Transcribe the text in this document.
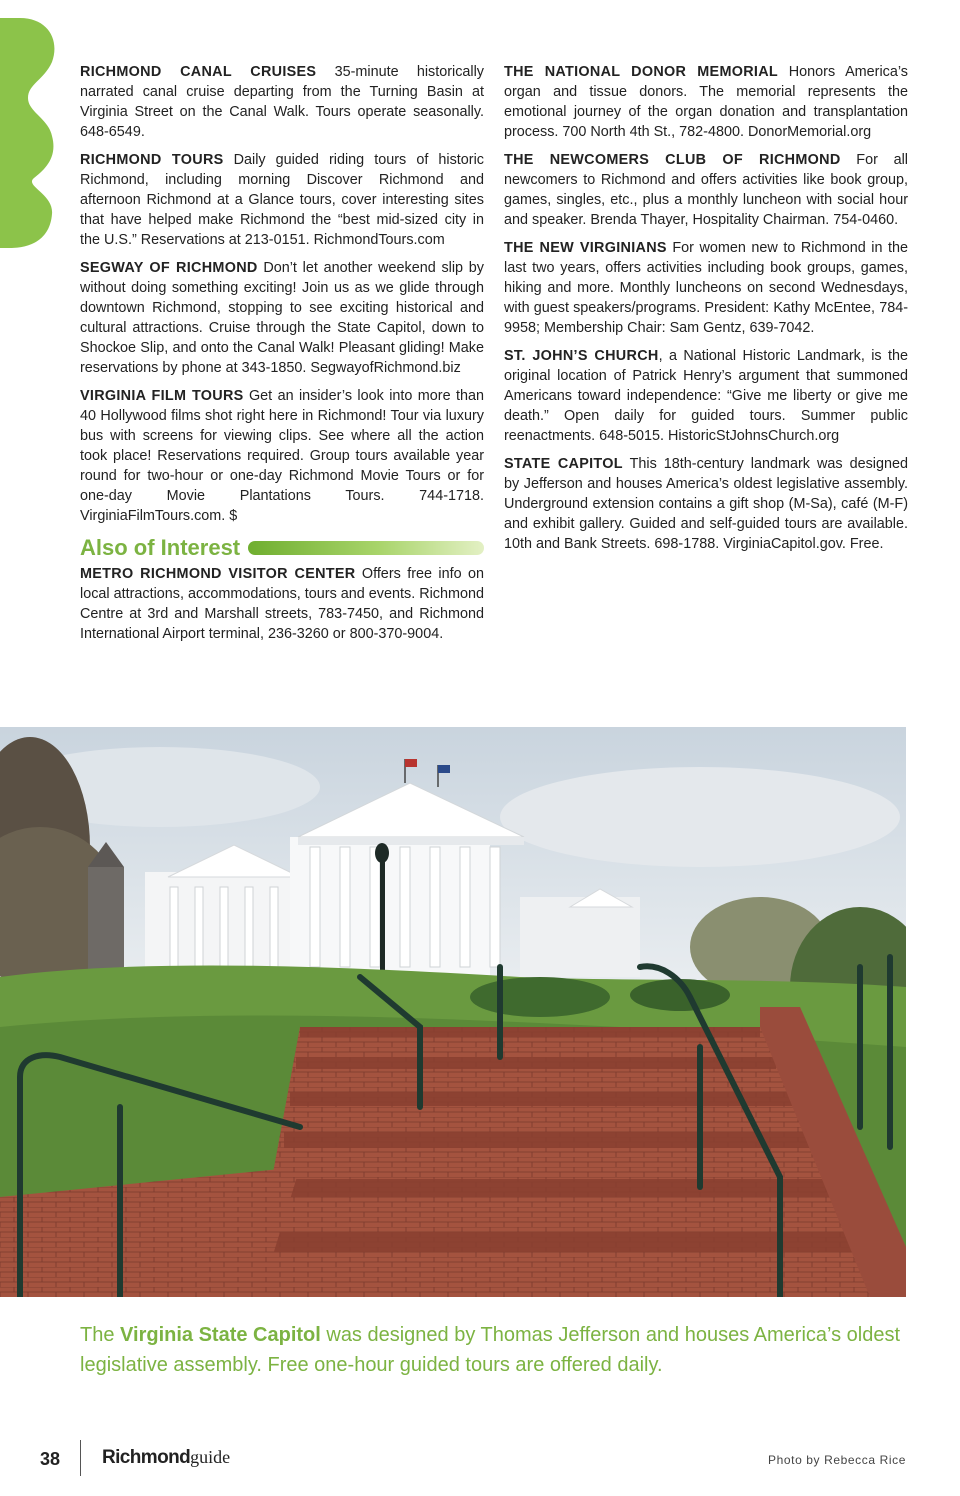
RICHMOND CANAL CRUISES 35-minute historically narrated canal cruise departing from the Turning Basin at Virginia Street on the Canal Walk. Tours operate seasonally. 648-6549.

RICHMOND TOURS Daily guided riding tours of historic Richmond, including morning Discover Richmond and afternoon Richmond at a Glance tours, cover interesting sites that have helped make Richmond the “best mid-sized city in the U.S.” Reservations at 213-0151. RichmondTours.com

SEGWAY OF RICHMOND Don’t let another weekend slip by without doing something exciting! Join us as we glide through downtown Richmond, stopping to see exciting historical and cultural attractions. Cruise through the State Capitol, down to Shockoe Slip, and onto the Canal Walk! Pleasant gliding! Make reservations by phone at 343-1850. SegwayofRichmond.biz

VIRGINIA FILM TOURS Get an insider’s look into more than 40 Hollywood films shot right here in Richmond! Tour via luxury bus with screens for viewing clips. See where all the action took place! Reservations required. Group tours available year round for two-hour or one-day Richmond Movie Tours or for one-day Movie Plantations Tours. 744-1718. VirginiaFilmTours.com. $

Also of Interest

METRO RICHMOND VISITOR CENTER Offers free info on local attractions, accommodations, tours and events. Richmond Centre at 3rd and Marshall streets, 783-7450, and Richmond International Airport terminal, 236-3260 or 800-370-9004.

THE NATIONAL DONOR MEMORIAL Honors America’s organ and tissue donors. The memorial represents the emotional journey of the organ donation and transplantation process. 700 North 4th St., 782-4800. DonorMemorial.org

THE NEWCOMERS CLUB OF RICHMOND For all newcomers to Richmond and offers activities like book group, games, singles, etc., plus a monthly luncheon with social hour and speaker. Brenda Thayer, Hospitality Chairman. 754-0460.

THE NEW VIRGINIANS For women new to Richmond in the last two years, offers activities including book groups, games, hiking and more. Monthly luncheons on second Wednesdays, with guest speakers/programs. President: Kathy McEntee, 784-9958; Membership Chair: Sam Gentz, 639-7042.

ST. JOHN’S CHURCH, a National Historic Landmark, is the original location of Patrick Henry’s argument that summoned Americans toward independence: “Give me liberty or give me death.” Open daily for guided tours. Summer public reenactments. 648-5015. HistoricStJohnsChurch.org

STATE CAPITOL This 18th-century landmark was designed by Jefferson and houses America’s oldest legislative assembly. Underground extension contains a gift shop (M-Sa), café (M-F) and exhibit gallery. Guided and self-guided tours are available. 10th and Bank Streets. 698-1788. VirginiaCapitol.gov. Free.

The Virginia State Capitol was designed by Thomas Jefferson and houses America’s oldest legislative assembly. Free one-hour guided tours are offered daily.
38 Richmondguide	Photo by Rebecca Rice
